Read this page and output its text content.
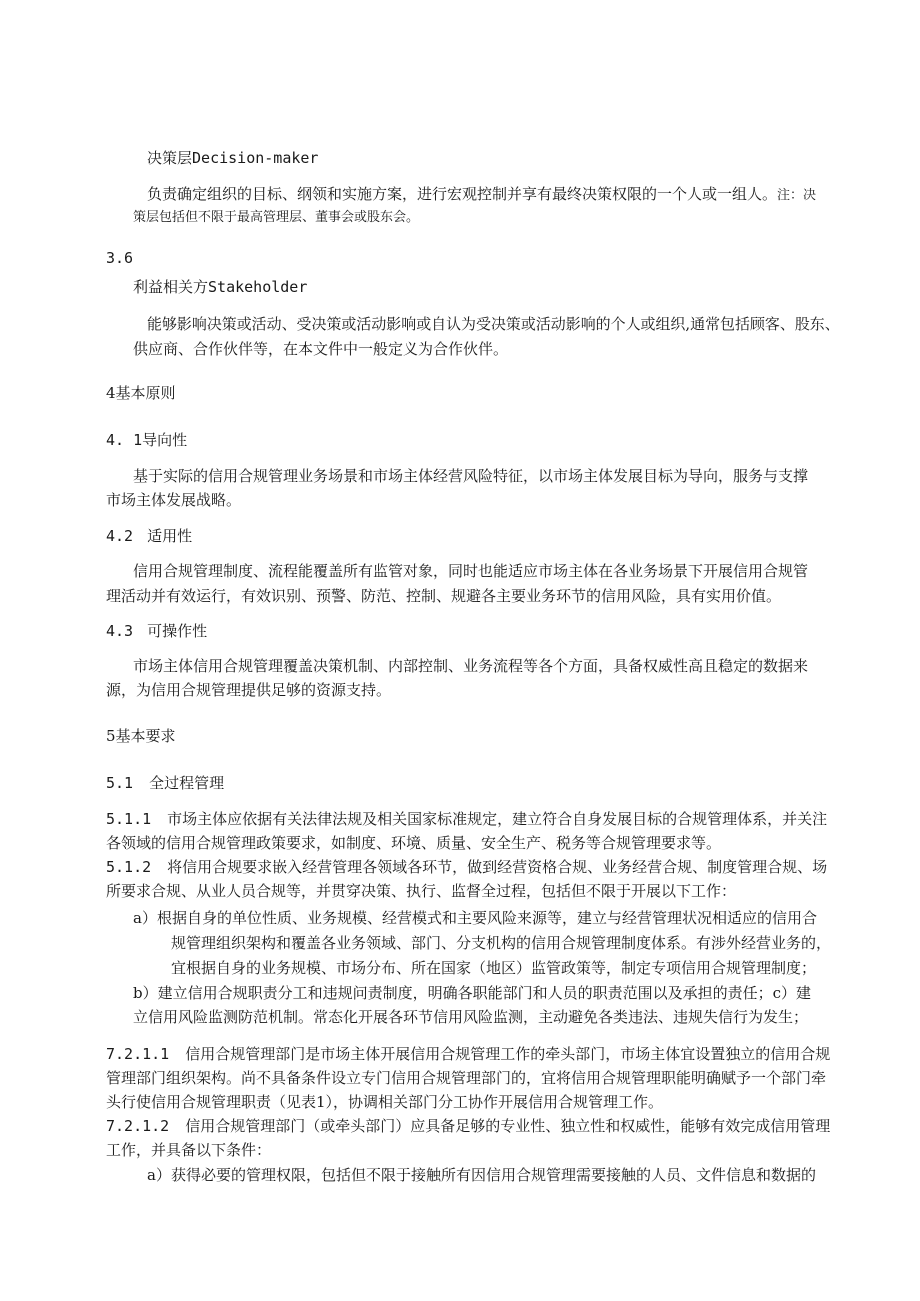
决策层Decision-maker
负责确定组织的目标、纲领和实施方案，进行宏观控制并享有最终决策权限的一个人或一组人。注：决
策层包括但不限于最高管理层、董事会或股东会。
3.6
利益相关方Stakeholder
能够影响决策或活动、受决策或活动影响或自认为受决策或活动影响的个人或组织,通常包括顾客、股东、
供应商、合作伙伴等，在本文件中一般定义为合作伙伴。
4基本原则
4. 1导向性
基于实际的信用合规管理业务场景和市场主体经营风险特征，以市场主体发展目标为导向，服务与支撑
市场主体发展战略。
4.2 适用性
信用合规管理制度、流程能覆盖所有监管对象，同时也能适应市场主体在各业务场景下开展信用合规管
理活动并有效运行，有效识别、预警、防范、控制、规避各主要业务环节的信用风险，具有实用价值。
4.3 可操作性
市场主体信用合规管理覆盖决策机制、内部控制、业务流程等各个方面，具备权威性高且稳定的数据来
源，为信用合规管理提供足够的资源支持。
5基本要求
5.1 全过程管理
5.1.1 市场主体应依据有关法律法规及相关国家标准规定，建立符合自身发展目标的合规管理体系，并关注
各领域的信用合规管理政策要求，如制度、环境、质量、安全生产、税务等合规管理要求等。
5.1.2 将信用合规要求嵌入经营管理各领域各环节，做到经营资格合规、业务经营合规、制度管理合规、场
所要求合规、从业人员合规等，并贯穿决策、执行、监督全过程，包括但不限于开展以下工作：
a）根据自身的单位性质、业务规模、经营模式和主要风险来源等，建立与经营管理状况相适应的信用合
规管理组织架构和覆盖各业务领域、部门、分支机构的信用合规管理制度体系。有涉外经营业务的，
宜根据自身的业务规模、市场分布、所在国家（地区）监管政策等，制定专项信用合规管理制度；
b）建立信用合规职责分工和违规问责制度，明确各职能部门和人员的职责范围以及承担的责任；c）建
立信用风险监测防范机制。常态化开展各环节信用风险监测，主动避免各类违法、违规失信行为发生；
7.2.1.1 信用合规管理部门是市场主体开展信用合规管理工作的牵头部门，市场主体宜设置独立的信用合规
管理部门组织架构。尚不具备条件设立专门信用合规管理部门的，宜将信用合规管理职能明确赋予一个部门牵
头行使信用合规管理职责（见表1），协调相关部门分工协作开展信用合规管理工作。
7.2.1.2 信用合规管理部门（或牵头部门）应具备足够的专业性、独立性和权威性，能够有效完成信用管理
工作，并具备以下条件：
a）获得必要的管理权限，包括但不限于接触所有因信用合规管理需要接触的人员、文件信息和数据的
